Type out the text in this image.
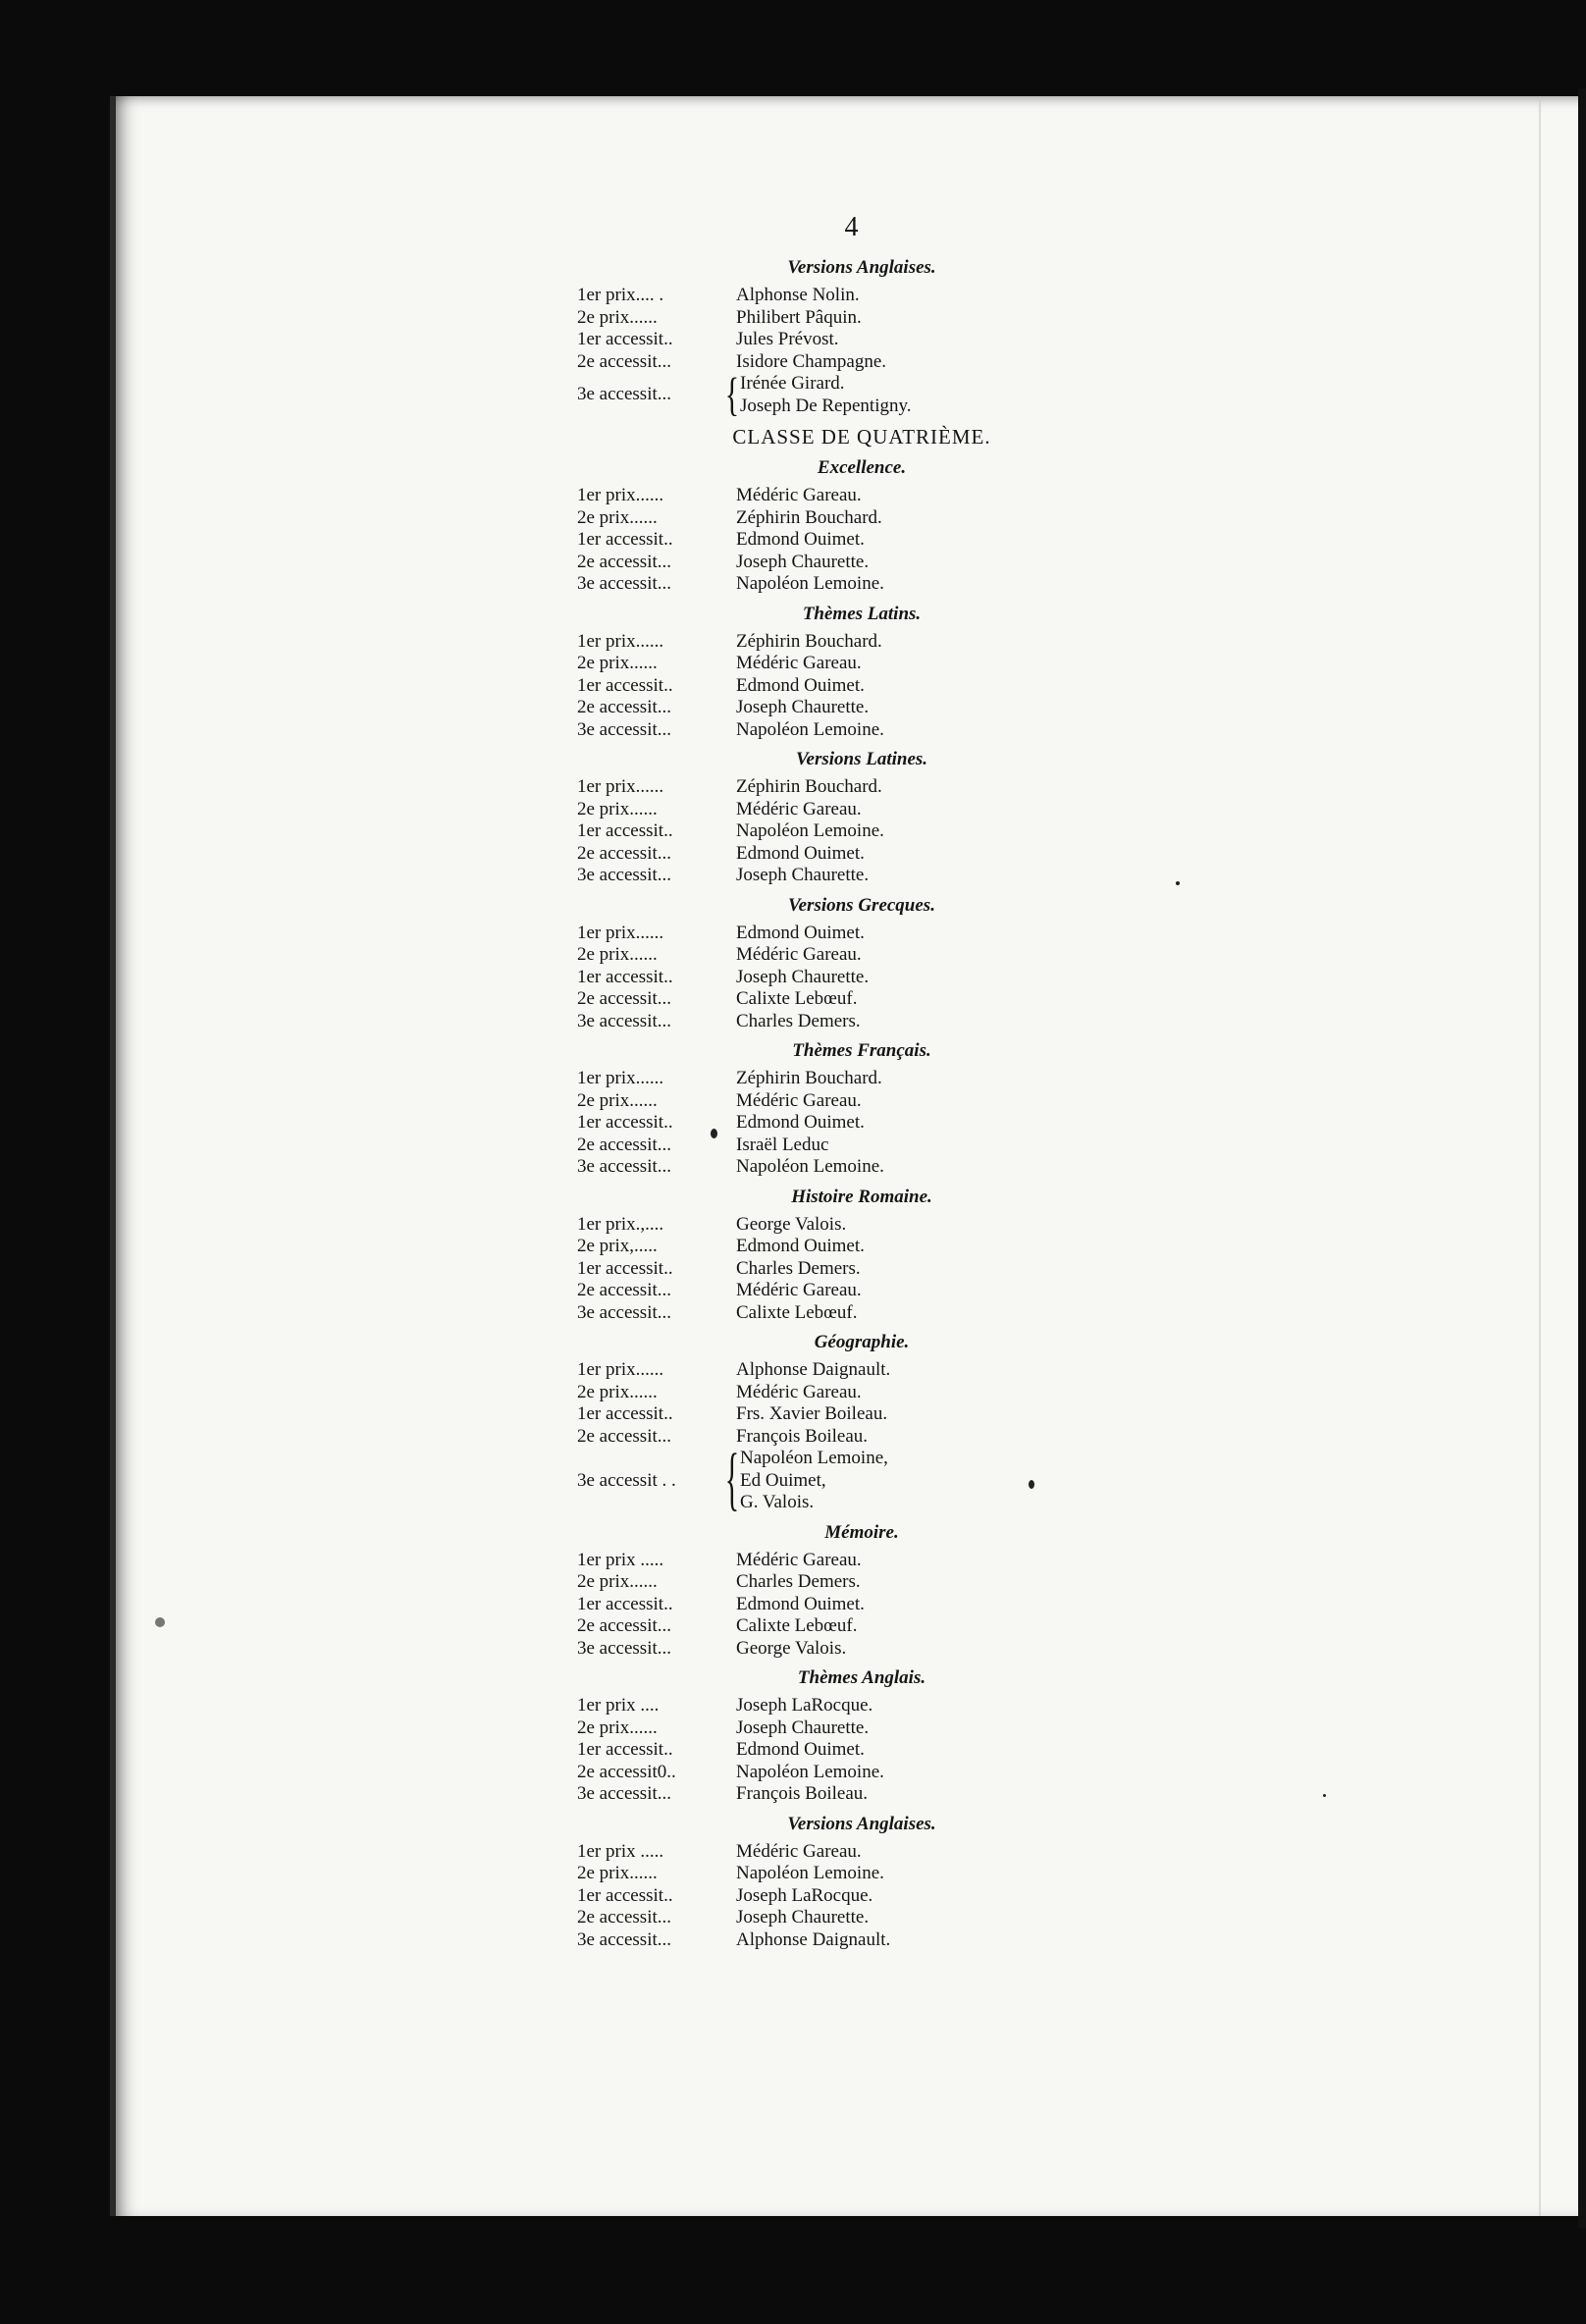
4
Versions Anglaises.
1er prix.... .	Alphonse Nolin.
2e prix......	Philibert Pâquin.
1er accessit..	Jules Prévost.
2e accessit...	Isidore Champagne.
3e accessit...	{ Irénée Girard.
Joseph De Repentigny.
CLASSE DE QUATRIÈME.
Excellence.
1er prix......	Médéric Gareau.
2e prix......	Zéphirin Bouchard.
1er accessit..	Edmond Ouimet.
2e accessit...	Joseph Chaurette.
3e accessit...	Napoléon Lemoine.
Thèmes Latins.
1er prix......	Zéphirin Bouchard.
2e prix......	Médéric Gareau.
1er accessit..	Edmond Ouimet.
2e accessit...	Joseph Chaurette.
3e accessit...	Napoléon Lemoine.
Versions Latines.
1er prix......	Zéphirin Bouchard.
2e prix......	Médéric Gareau.
1er accessit..	Napoléon Lemoine.
2e accessit...	Edmond Ouimet.
3e accessit...	Joseph Chaurette.
Versions Grecques.
1er prix......	Edmond Ouimet.
2e prix......	Médéric Gareau.
1er accessit..	Joseph Chaurette.
2e accessit...	Calixte Lebœuf.
3e accessit...	Charles Demers.
Thèmes Français.
1er prix......	Zéphirin Bouchard.
2e prix......	Médéric Gareau.
1er accessit..	Edmond Ouimet.
2e accessit...	Israël Leduc
3e accessit...	Napoléon Lemoine.
Histoire Romaine.
1er prix.,....	George Valois.
2e prix,.....	Edmond Ouimet.
1er accessit..	Charles Demers.
2e accessit...	Médéric Gareau.
3e accessit...	Calixte Lebœuf.
Géographie.
1er prix......	Alphonse Daignault.
2e prix......	Médéric Gareau.
1er accessit..	Frs. Xavier Boileau.
2e accessit...	François Boileau.
3e accessit . .	{ Napoléon Lemoine,
Ed Ouimet,
G. Valois.
Mémoire.
1er prix .....	Médéric Gareau.
2e prix......	Charles Demers.
1er accessit..	Edmond Ouimet.
2e accessit...	Calixte Lebœuf.
3e accessit...	George Valois.
Thèmes Anglais.
1er prix ....	Joseph LaRocque.
2e prix......	Joseph Chaurette.
1er accessit..	Edmond Ouimet.
2e accessit0..	Napoléon Lemoine.
3e accessit...	François Boileau.
Versions Anglaises.
1er prix .....	Médéric Gareau.
2e prix......	Napoléon Lemoine.
1er accessit..	Joseph LaRocque.
2e accessit...	Joseph Chaurette.
3e accessit...	Alphonse Daignault.
